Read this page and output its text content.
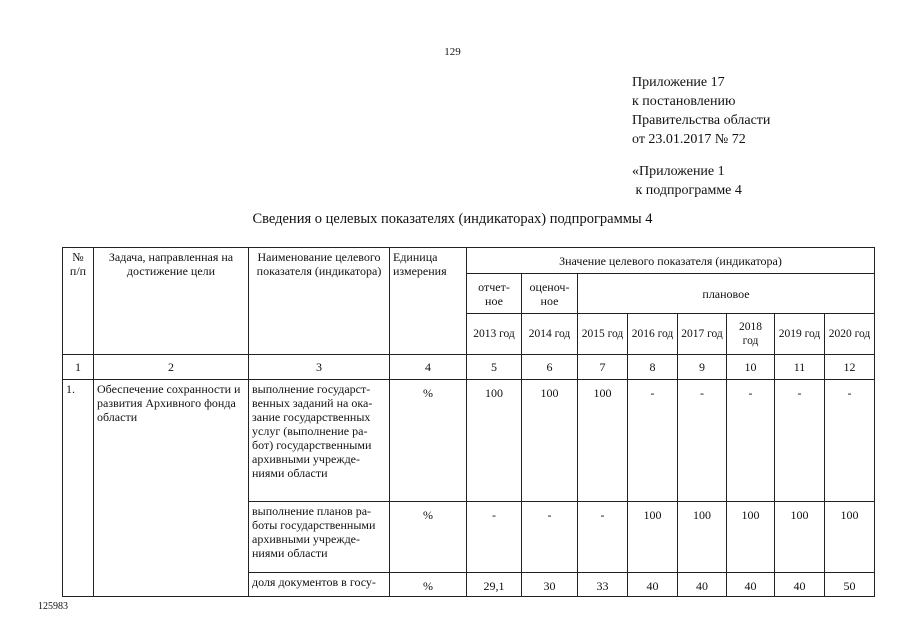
129
Приложение 17
к постановлению
Правительства области
от 23.01.2017 № 72
«Приложение 1
к подпрограмме 4
Сведения о целевых показателях (индикаторах) подпрограммы 4
№ п/п	Задача, направленная на достижение цели	Наименование целевого показателя (индикатора)	Единица измерения	Значение целевого показателя (индикатора)							
				отчет-ное	оценоч-ное	плановое					
				2013 год	2014 год	2015 год	2016 год	2017 год	2018 год	2019 год	2020 год
1	2	3	4	5	6	7	8	9	10	11	12
1.	Обеспечение сохранности и развития Архивного фонда области	выполнение государст-венных заданий на ока-зание государственных услуг (выполнение ра-бот) государственными архивными учрежде-ниями области	%	100	100	100	-	-	-	-	-
		выполнение планов ра-боты государственными архивными учрежде-ниями области	%	-	-	-	100	100	100	100	100
		доля документов в госу-	%	29,1	30	33	40	40	40	40	50
125983
